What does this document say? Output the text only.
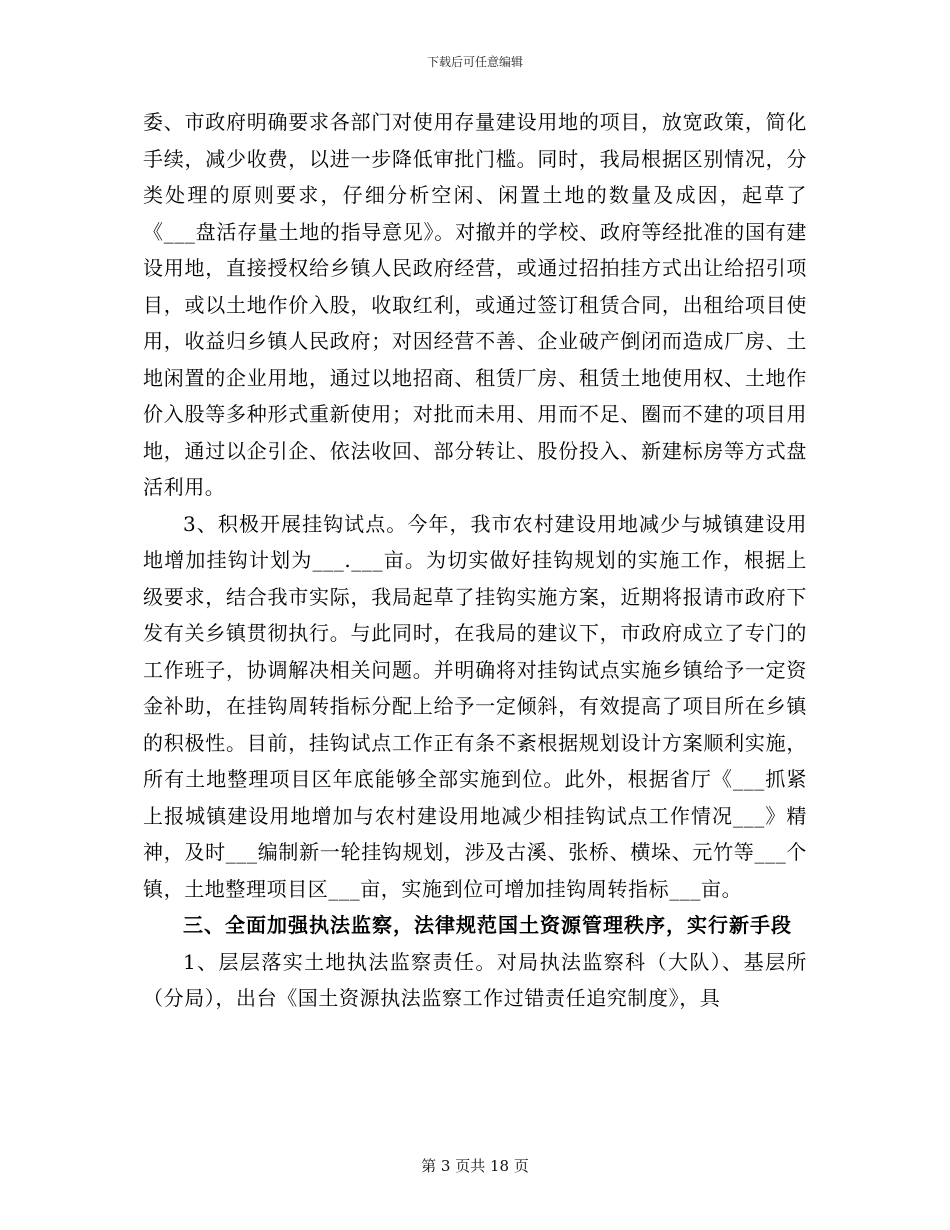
下载后可任意编辑

委、市政府明确要求各部门对使用存量建设用地的项目，放宽政策，简化手续，减少收费，以进一步降低审批门槛。同时，我局根据区别情况，分类处理的原则要求，仔细分析空闲、闲置土地的数量及成因，起草了《___盘活存量土地的指导意见》。对撤并的学校、政府等经批准的国有建设用地，直接授权给乡镇人民政府经营，或通过招拍挂方式出让给招引项目，或以土地作价入股，收取红利，或通过签订租赁合同，出租给项目使用，收益归乡镇人民政府；对因经营不善、企业破产倒闭而造成厂房、土地闲置的企业用地，通过以地招商、租赁厂房、租赁土地使用权、土地作价入股等多种形式重新使用；对批而未用、用而不足、圈而不建的项目用地，通过以企引企、依法收回、部分转让、股份投入、新建标房等方式盘活利用。

3、积极开展挂钩试点。今年，我市农村建设用地减少与城镇建设用地增加挂钩计划为___.___亩。为切实做好挂钩规划的实施工作，根据上级要求，结合我市实际，我局起草了挂钩实施方案，近期将报请市政府下发有关乡镇贯彻执行。与此同时，在我局的建议下，市政府成立了专门的工作班子，协调解决相关问题。并明确将对挂钩试点实施乡镇给予一定资金补助，在挂钩周转指标分配上给予一定倾斜，有效提高了项目所在乡镇的积极性。目前，挂钩试点工作正有条不紊根据规划设计方案顺利实施，所有土地整理项目区年底能够全部实施到位。此外，根据省厅《___抓紧上报城镇建设用地增加与农村建设用地减少相挂钩试点工作情况___》精神，及时___编制新一轮挂钩规划，涉及古溪、张桥、横垛、元竹等___个镇，土地整理项目区___亩，实施到位可增加挂钩周转指标___亩。

三、全面加强执法监察，法律规范国土资源管理秩序，实行新手段

1、层层落实土地执法监察责任。对局执法监察科（大队）、基层所（分局），出台《国土资源执法监察工作过错责任追究制度》，具

第 3 页共 18 页
